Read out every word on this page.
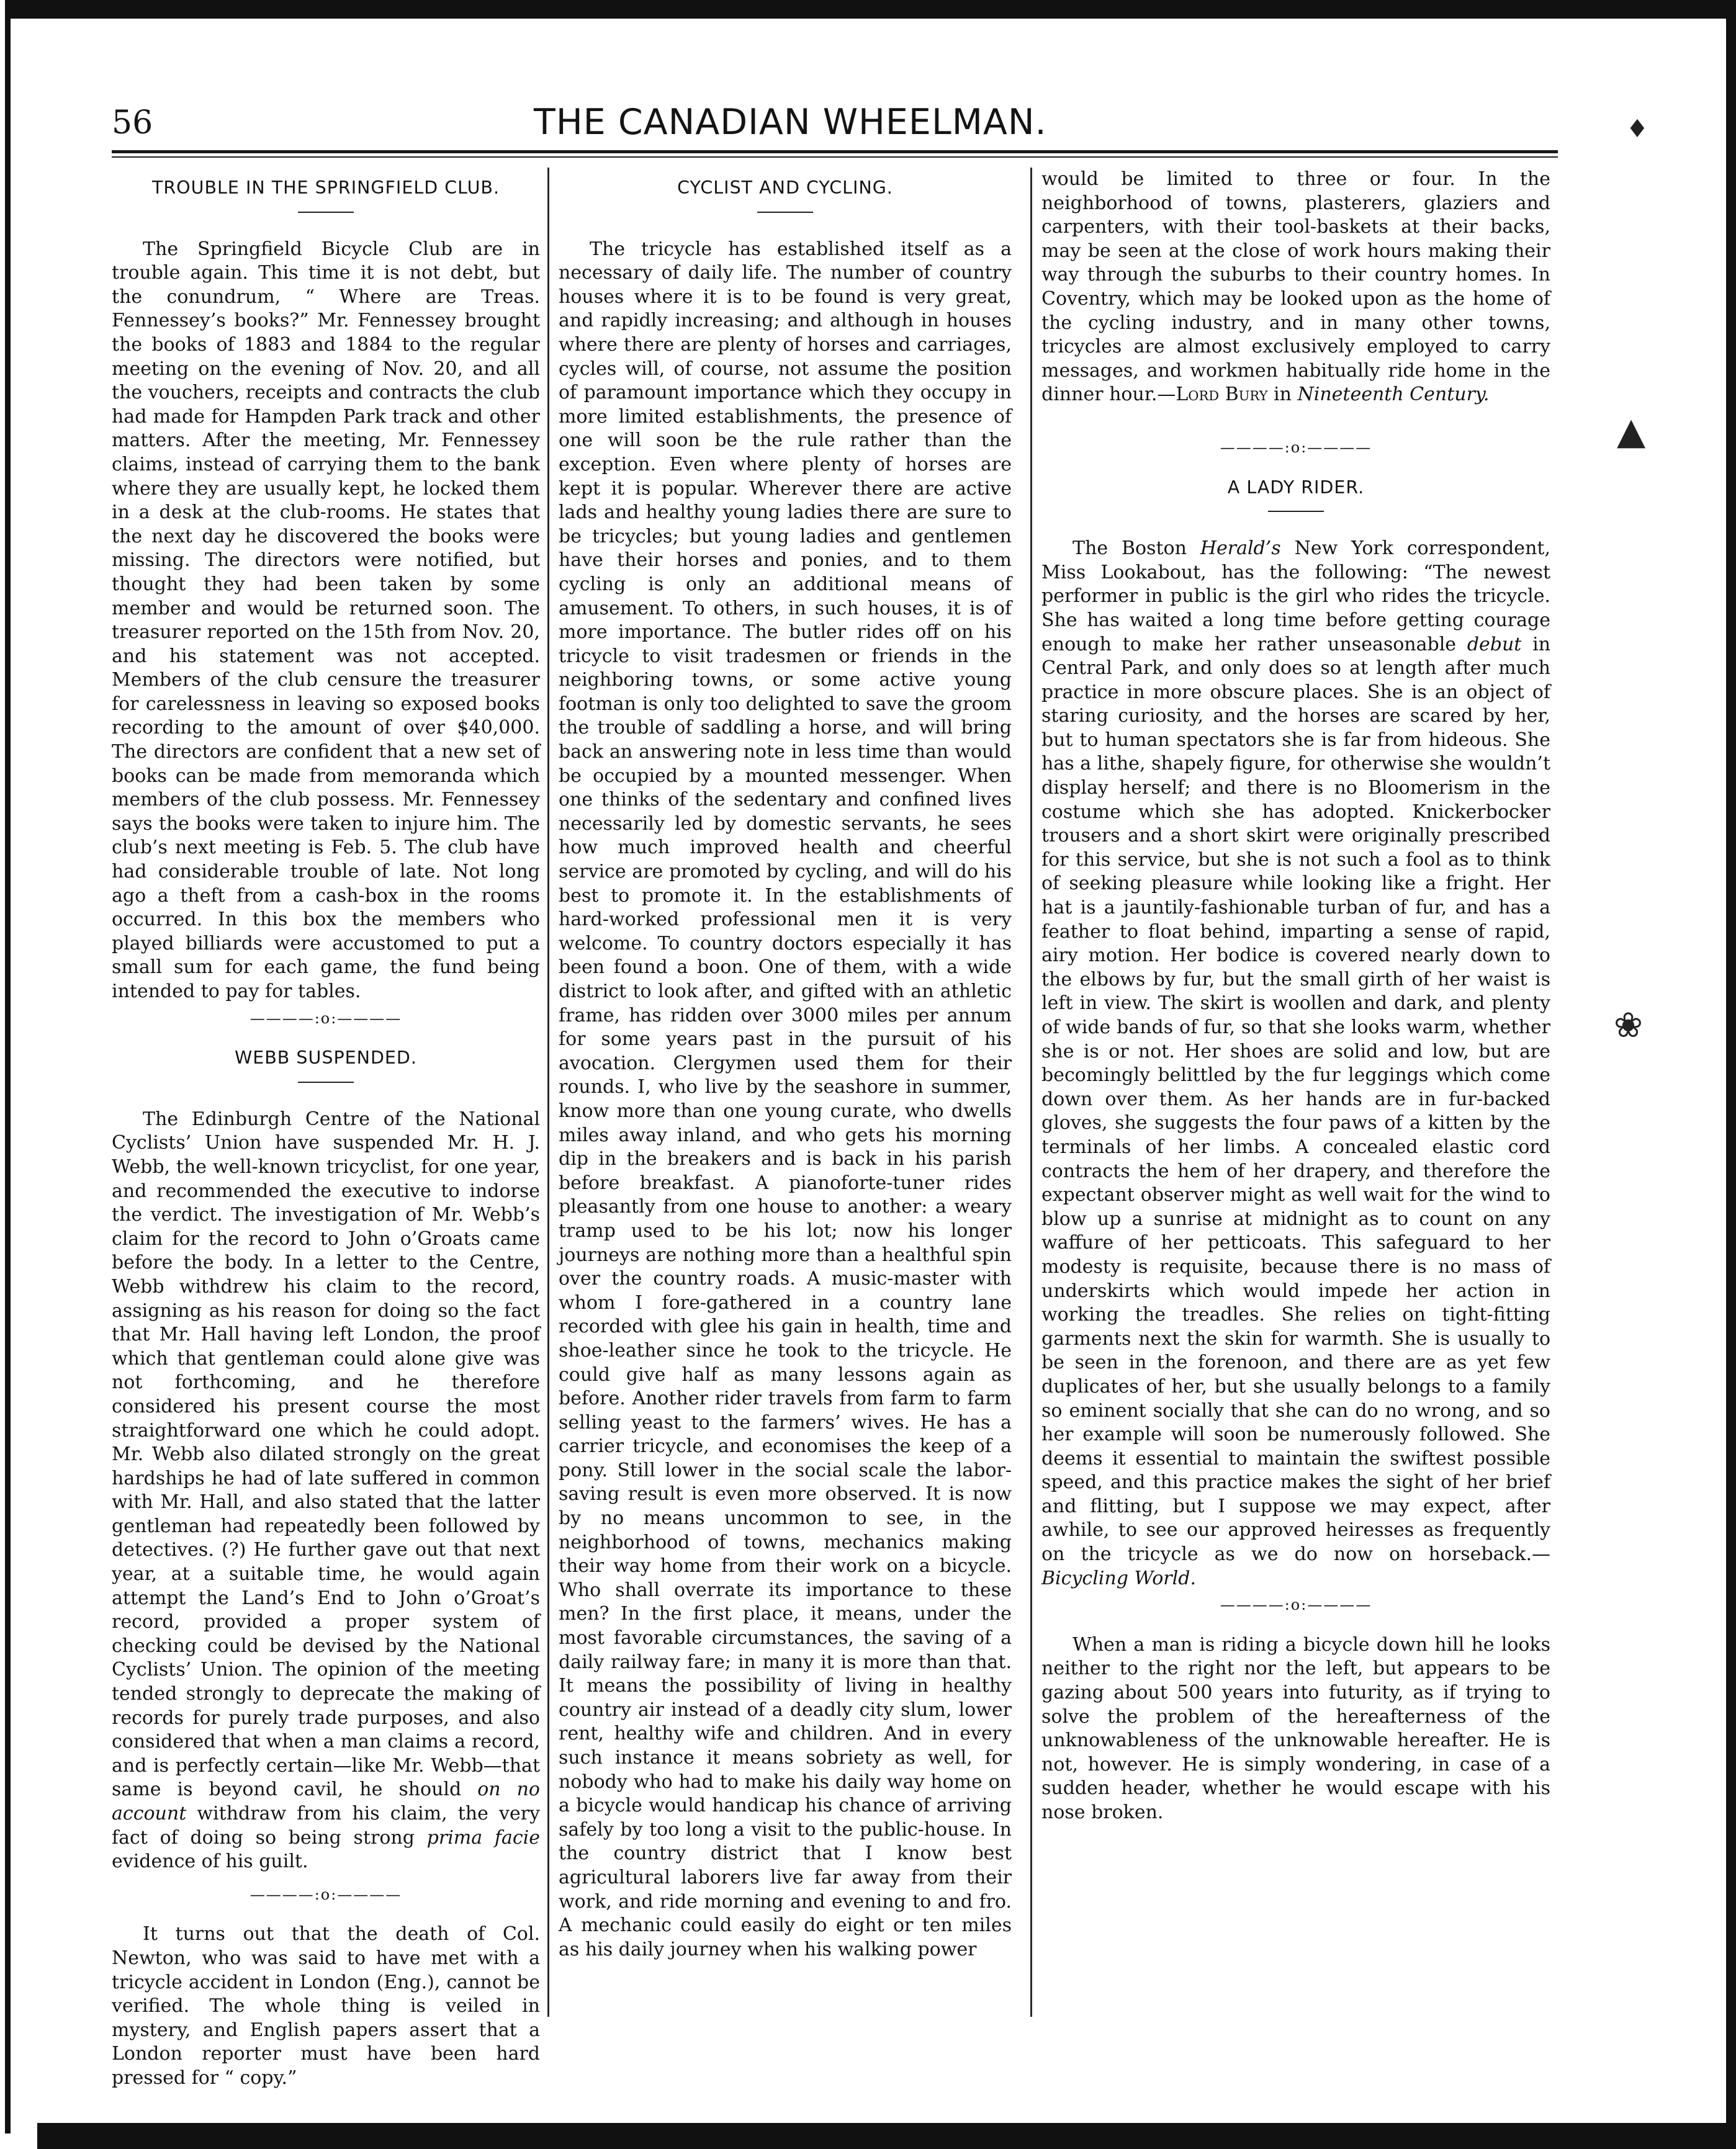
♦
▲
❀
56	THE CANADIAN WHEELMAN.
TROUBLE IN THE SPRINGFIELD CLUB.

The Springfield Bicycle Club are in trouble again. This time it is not debt, but the conundrum, “ Where are Treas. Fennessey’s books?” Mr. Fennessey brought the books of 1883 and 1884 to the regular meeting on the evening of Nov. 20, and all the vouchers, receipts and contracts the club had made for Hampden Park track and other matters. After the meeting, Mr. Fennessey claims, instead of carrying them to the bank where they are usually kept, he locked them in a desk at the club-rooms. He states that the next day he discovered the books were missing. The directors were notified, but thought they had been taken by some member and would be returned soon. The treasurer reported on the 15th from Nov. 20, and his statement was not accepted. Members of the club censure the treasurer for carelessness in leaving so exposed books recording to the amount of over $40,000. The directors are confident that a new set of books can be made from memoranda which members of the club possess. Mr. Fennessey says the books were taken to injure him. The club’s next meeting is Feb. 5. The club have had considerable trouble of late. Not long ago a theft from a cash-box in the rooms occurred. In this box the members who played billiards were accustomed to put a small sum for each game, the fund being intended to pay for tables.

————:o:————
WEBB SUSPENDED.

The Edinburgh Centre of the National Cyclists’ Union have suspended Mr. H. J. Webb, the well-known tricyclist, for one year, and recommended the executive to indorse the verdict. The investigation of Mr. Webb’s claim for the record to John o’Groats came before the body. In a letter to the Centre, Webb withdrew his claim to the record, assigning as his reason for doing so the fact that Mr. Hall having left London, the proof which that gentleman could alone give was not forthcoming, and he therefore considered his present course the most straightforward one which he could adopt. Mr. Webb also dilated strongly on the great hardships he had of late suffered in common with Mr. Hall, and also stated that the latter gentleman had repeatedly been followed by detectives. (?) He further gave out that next year, at a suitable time, he would again attempt the Land’s End to John o’Groat’s record, provided a proper system of checking could be devised by the National Cyclists’ Union. The opinion of the meeting tended strongly to deprecate the making of records for purely trade purposes, and also considered that when a man claims a record, and is perfectly certain—like Mr. Webb—that same is beyond cavil, he should on no account withdraw from his claim, the very fact of doing so being strong prima facie evidence of his guilt.

————:o:————

It turns out that the death of Col. Newton, who was said to have met with a tricycle accident in London (Eng.), cannot be verified. The whole thing is veiled in mystery, and English papers assert that a London reporter must have been hard pressed for “ copy.”

CYCLIST AND CYCLING.

The tricycle has established itself as a necessary of daily life. The number of country houses where it is to be found is very great, and rapidly increasing; and although in houses where there are plenty of horses and carriages, cycles will, of course, not assume the position of paramount importance which they occupy in more limited establishments, the presence of one will soon be the rule rather than the exception. Even where plenty of horses are kept it is popular. Wherever there are active lads and healthy young ladies there are sure to be tricycles; but young ladies and gentlemen have their horses and ponies, and to them cycling is only an additional means of amusement. To others, in such houses, it is of more importance. The butler rides off on his tricycle to visit tradesmen or friends in the neighboring towns, or some active young footman is only too delighted to save the groom the trouble of saddling a horse, and will bring back an answering note in less time than would be occupied by a mounted messenger. When one thinks of the sedentary and confined lives necessarily led by domestic servants, he sees how much improved health and cheerful service are promoted by cycling, and will do his best to promote it. In the establishments of hard-worked professional men it is very welcome. To country doctors especially it has been found a boon. One of them, with a wide district to look after, and gifted with an athletic frame, has ridden over 3000 miles per annum for some years past in the pursuit of his avocation. Clergymen used them for their rounds. I, who live by the seashore in summer, know more than one young curate, who dwells miles away inland, and who gets his morning dip in the breakers and is back in his parish before breakfast. A pianoforte-tuner rides pleasantly from one house to another: a weary tramp used to be his lot; now his longer journeys are nothing more than a healthful spin over the country roads. A music-master with whom I fore-gathered in a country lane recorded with glee his gain in health, time and shoe-leather since he took to the tricycle. He could give half as many lessons again as before. Another rider travels from farm to farm selling yeast to the farmers’ wives. He has a carrier tricycle, and economises the keep of a pony. Still lower in the social scale the labor-saving result is even more observed. It is now by no means uncommon to see, in the neighborhood of towns, mechanics making their way home from their work on a bicycle. Who shall overrate its importance to these men? In the first place, it means, under the most favorable circumstances, the saving of a daily railway fare; in many it is more than that. It means the possibility of living in healthy country air instead of a deadly city slum, lower rent, healthy wife and children. And in every such instance it means sobriety as well, for nobody who had to make his daily way home on a bicycle would handicap his chance of arriving safely by too long a visit to the public-house. In the country district that I know best agricultural laborers live far away from their work, and ride morning and evening to and fro. A mechanic could easily do eight or ten miles as his daily journey when his walking power

would be limited to three or four. In the neighborhood of towns, plasterers, glaziers and carpenters, with their tool-baskets at their backs, may be seen at the close of work hours making their way through the suburbs to their country homes. In Coventry, which may be looked upon as the home of the cycling industry, and in many other towns, tricycles are almost exclusively employed to carry messages, and workmen habitually ride home in the dinner hour.—Lord Bury in Nineteenth Century.

————:o:————
A LADY RIDER.

The Boston Herald’s New York correspondent, Miss Lookabout, has the following: “The newest performer in public is the girl who rides the tricycle. She has waited a long time before getting courage enough to make her rather unseasonable debut in Central Park, and only does so at length after much practice in more obscure places. She is an object of staring curiosity, and the horses are scared by her, but to human spectators she is far from hideous. She has a lithe, shapely figure, for otherwise she wouldn’t display herself; and there is no Bloomerism in the costume which she has adopted. Knickerbocker trousers and a short skirt were originally prescribed for this service, but she is not such a fool as to think of seeking pleasure while looking like a fright. Her hat is a jauntily-fashionable turban of fur, and has a feather to float behind, imparting a sense of rapid, airy motion. Her bodice is covered nearly down to the elbows by fur, but the small girth of her waist is left in view. The skirt is woollen and dark, and plenty of wide bands of fur, so that she looks warm, whether she is or not. Her shoes are solid and low, but are becomingly belittled by the fur leggings which come down over them. As her hands are in fur-backed gloves, she suggests the four paws of a kitten by the terminals of her limbs. A concealed elastic cord contracts the hem of her drapery, and therefore the expectant observer might as well wait for the wind to blow up a sunrise at midnight as to count on any waffure of her petticoats. This safeguard to her modesty is requisite, because there is no mass of underskirts which would impede her action in working the treadles. She relies on tight-fitting garments next the skin for warmth. She is usually to be seen in the forenoon, and there are as yet few duplicates of her, but she usually belongs to a family so eminent socially that she can do no wrong, and so her example will soon be numerously followed. She deems it essential to maintain the swiftest possible speed, and this practice makes the sight of her brief and flitting, but I suppose we may expect, after awhile, to see our approved heiresses as frequently on the tricycle as we do now on horseback.—Bicycling World.

————:o:————

When a man is riding a bicycle down hill he looks neither to the right nor the left, but appears to be gazing about 500 years into futurity, as if trying to solve the problem of the hereafterness of the unknowableness of the unknowable hereafter. He is not, however. He is simply wondering, in case of a sudden header, whether he would escape with his nose broken.
